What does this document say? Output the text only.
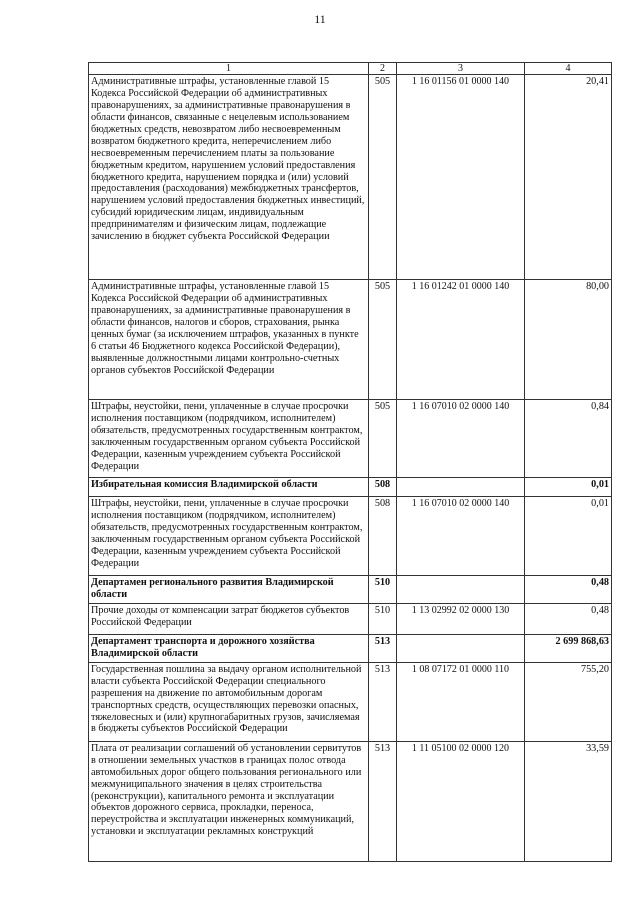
11
1	2	3	4
Административные штрафы, установленные главой 15 Кодекса Российской Федерации об административных правонарушениях, за административные правонарушения в области финансов, связанные с нецелевым использованием бюджетных средств, невозвратом либо несвоевременным возвратом бюджетного кредита, неперечислением либо несвоевременным перечислением платы за пользование бюджетным кредитом, нарушением условий предоставления бюджетного кредита, нарушением порядка и (или) условий предоставления (расходования) межбюджетных трансфертов, нарушением условий предоставления бюджетных инвестиций, субсидий юридическим лицам, индивидуальным предпринимателям и физическим лицам, подлежащие зачислению в бюджет субъекта Российской Федерации	505	1 16 01156 01 0000 140	20,41
Административные штрафы, установленные главой 15 Кодекса Российской Федерации об административных правонарушениях, за административные правонарушения в области финансов, налогов и сборов, страхования, рынка ценных бумаг (за исключением штрафов, указанных в пункте 6 статьи 46 Бюджетного кодекса Российской Федерации), выявленные должностными лицами контрольно-счетных органов субъектов Российской Федерации	505	1 16 01242 01 0000 140	80,00
Штрафы, неустойки, пени, уплаченные в случае просрочки исполнения поставщиком (подрядчиком, исполнителем) обязательств, предусмотренных государственным контрактом, заключенным государственным органом субъекта Российской Федерации, казенным учреждением субъекта Российской Федерации	505	1 16 07010 02 0000 140	0,84
Избирательная комиссия Владимирской области	508		0,01
Штрафы, неустойки, пени, уплаченные в случае просрочки исполнения поставщиком (подрядчиком, исполнителем) обязательств, предусмотренных государственным контрактом, заключенным государственным органом субъекта Российской Федерации, казенным учреждением субъекта Российской Федерации	508	1 16 07010 02 0000 140	0,01
Департамен регионального развития Владимирской области	510		0,48
Прочие доходы от компенсации затрат бюджетов субъектов Российской Федерации	510	1 13 02992 02 0000 130	0,48
Департамент транспорта и дорожного хозяйства Владимирской области	513		2 699 868,63
Государственная пошлина за выдачу органом исполнительной власти субъекта Российской Федерации специального разрешения на движение по автомобильным дорогам транспортных средств, осуществляющих перевозки опасных, тяжеловесных и (или) крупногабаритных грузов, зачисляемая в бюджеты субъектов Российской Федерации	513	1 08 07172 01 0000 110	755,20
Плата от реализации соглашений об установлении сервитутов в отношении земельных участков в границах полос отвода автомобильных дорог общего пользования регионального или межмуниципального значения в целях строительства (реконструкции), капитального ремонта и эксплуатации объектов дорожного сервиса, прокладки, переноса, переустройства и эксплуатации инженерных коммуникаций, установки и эксплуатации рекламных конструкций	513	1 11 05100 02 0000 120	33,59
